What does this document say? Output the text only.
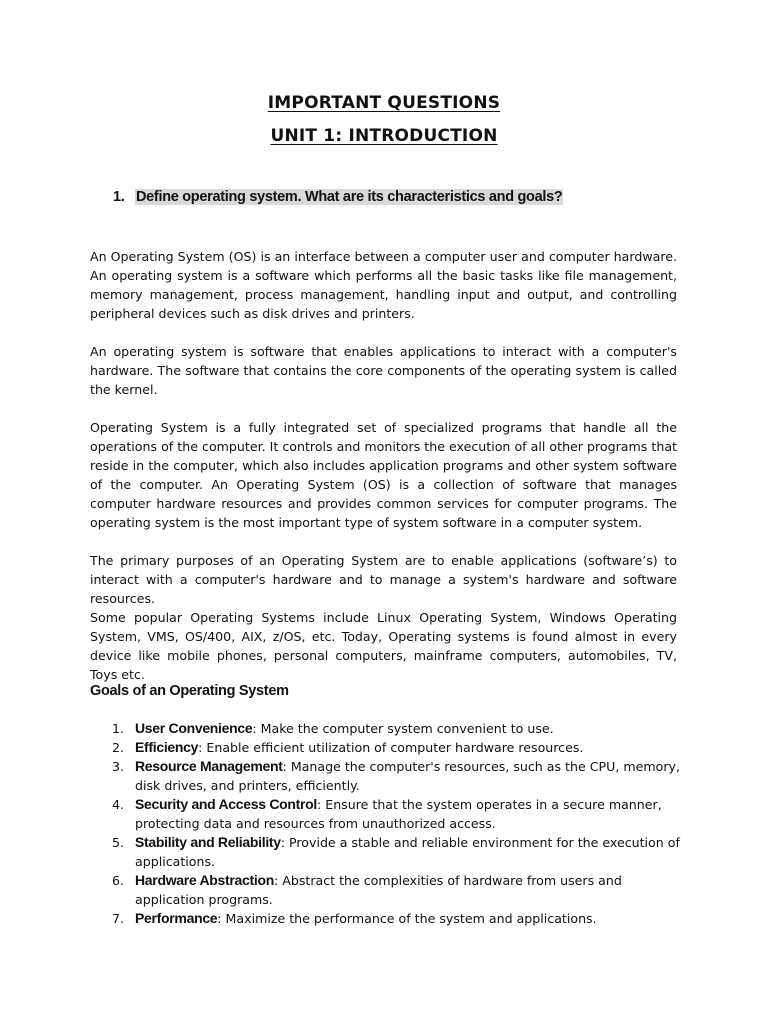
IMPORTANT QUESTIONS
UNIT 1: INTRODUCTION
1. Define operating system. What are its characteristics and goals?

An Operating System (OS) is an interface between a computer user and computer hardware. An operating system is a software which performs all the basic tasks like file management, memory management, process management, handling input and output, and controlling peripheral devices such as disk drives and printers.

An operating system is software that enables applications to interact with a computer's hardware. The software that contains the core components of the operating system is called the kernel.

Operating System is a fully integrated set of specialized programs that handle all the operations of the computer. It controls and monitors the execution of all other programs that reside in the computer, which also includes application programs and other system software of the computer. An Operating System (OS) is a collection of software that manages computer hardware resources and provides common services for computer programs. The operating system is the most important type of system software in a computer system.

The primary purposes of an Operating System are to enable applications (software’s) to interact with a computer's hardware and to manage a system's hardware and software resources.
Some popular Operating Systems include Linux Operating System, Windows Operating System, VMS, OS/400, AIX, z/OS, etc. Today, Operating systems is found almost in every device like mobile phones, personal computers, mainframe computers, automobiles, TV, Toys etc.
Goals of an Operating System
1. User Convenience: Make the computer system convenient to use.
2. Efficiency: Enable efficient utilization of computer hardware resources.
3. Resource Management: Manage the computer's resources, such as the CPU, memory, disk drives, and printers, efficiently.
4. Security and Access Control: Ensure that the system operates in a secure manner, protecting data and resources from unauthorized access.
5. Stability and Reliability: Provide a stable and reliable environment for the execution of applications.
6. Hardware Abstraction: Abstract the complexities of hardware from users and application programs.
7. Performance: Maximize the performance of the system and applications.
